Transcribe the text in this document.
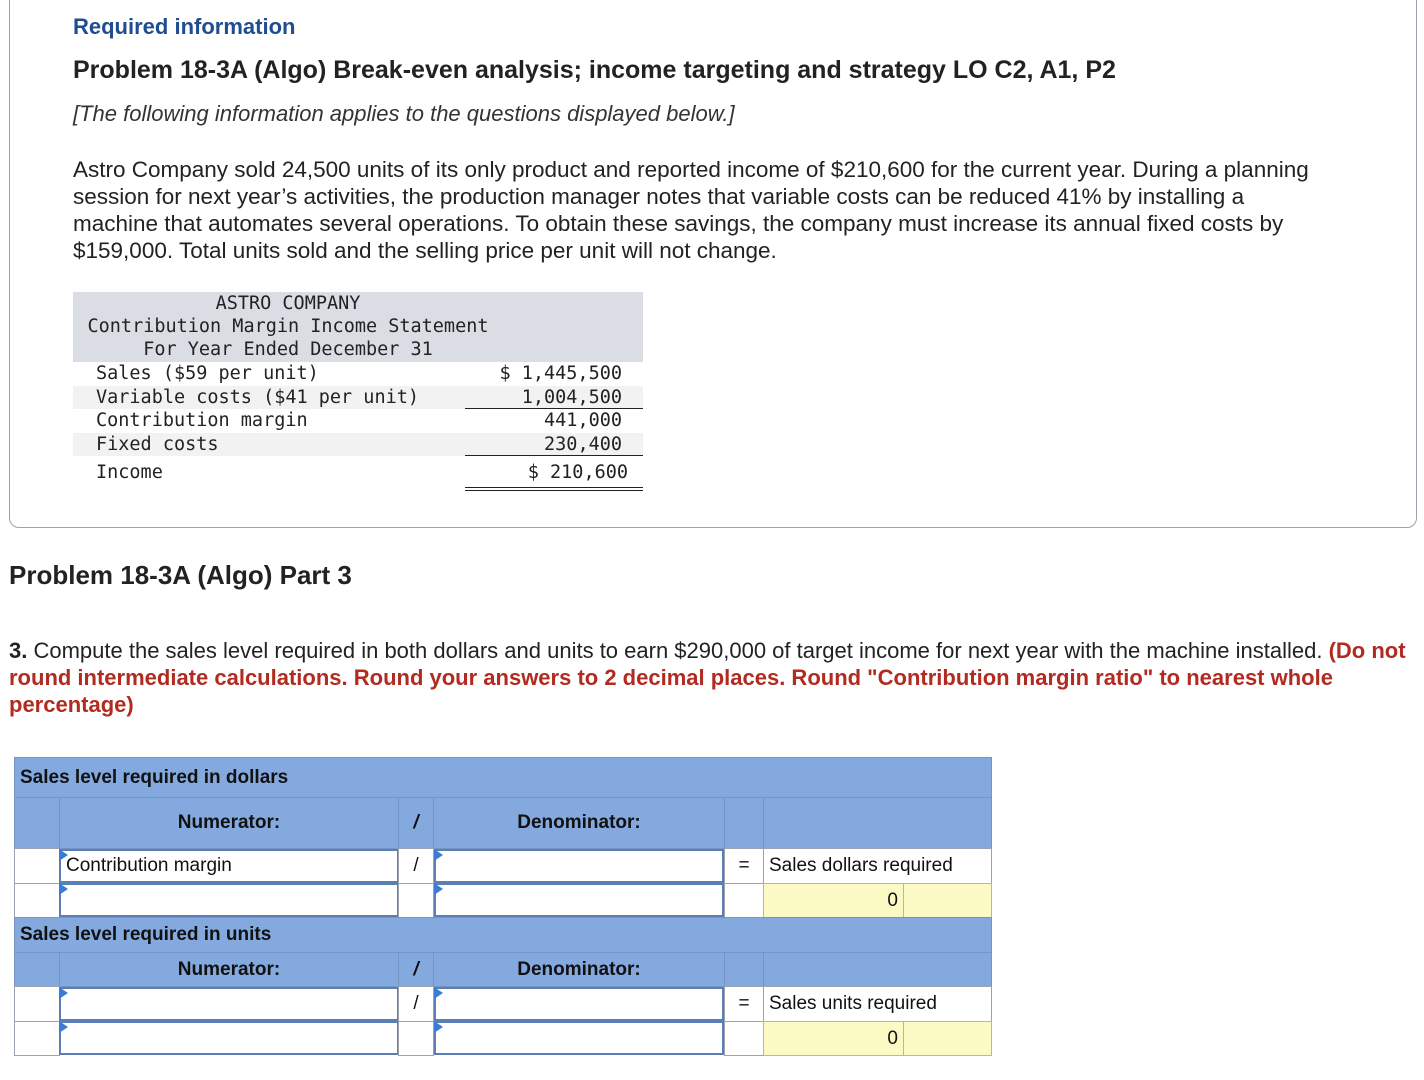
Required information
Problem 18-3A (Algo) Break-even analysis; income targeting and strategy LO C2, A1, P2
[The following information applies to the questions displayed below.]
Astro Company sold 24,500 units of its only product and reported income of $210,600 for the current year. During a planning session for next year’s activities, the production manager notes that variable costs can be reduced 41% by installing a machine that automates several operations. To obtain these savings, the company must increase its annual fixed costs by $159,000. Total units sold and the selling price per unit will not change.
ASTRO COMPANY
Contribution Margin Income Statement
For Year Ended December 31
Sales ($59 per unit)	$ 1,445,500
Variable costs ($41 per unit)	1,004,500
Contribution margin	441,000
Fixed costs	230,400
Income	$ 210,600
Problem 18-3A (Algo) Part 3
3. Compute the sales level required in both dollars and units to earn $290,000 of target income for next year with the machine installed. (Do not round intermediate calculations. Round your answers to 2 decimal places. Round "Contribution margin ratio" to nearest whole percentage)
Sales level required in dollars
Numerator:	/	Denominator:
Contribution margin	/	= Sales dollars required
0
Sales level required in units
Numerator:	/	Denominator:
/	= Sales units required
0
